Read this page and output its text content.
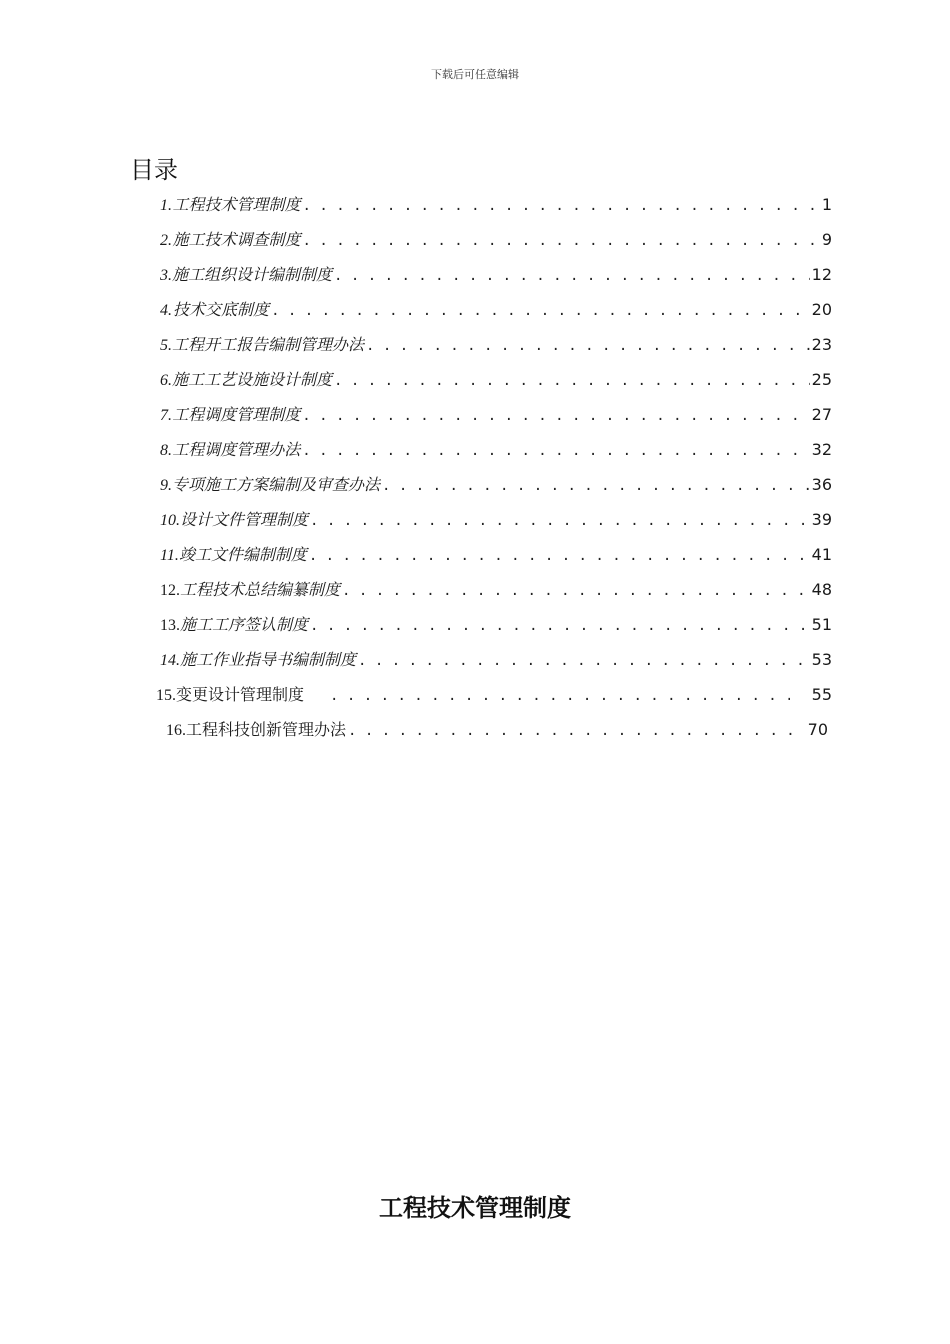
下载后可任意编辑
目录
1. 工程技术管理制度 . . .	1
2. 施工技术调查制度 . . .	9
3. 施工组织设计编制制度 . . .	12
4. 技术交底制度 . . .	20
5. 工程开工报告编制管理办法 . . .	23
6. 施工工艺设施设计制度 . . .	25
7. 工程调度管理制度 . . .	27
8. 工程调度管理办法 . . .	32
9. 专项施工方案编制及审查办法 . . .	36
10. 设计文件管理制度 . . .	39
11. 竣工文件编制制度 . . .	41
12. 工程技术总结编纂制度 . . .	48
13. 施工工序签认制度 . . .	51
14. 施工作业指导书编制制度 . . .	53
15. 变更设计管理制度 . . .	55
16. 工程科技创新管理办法 . . .	70
工程技术管理制度
